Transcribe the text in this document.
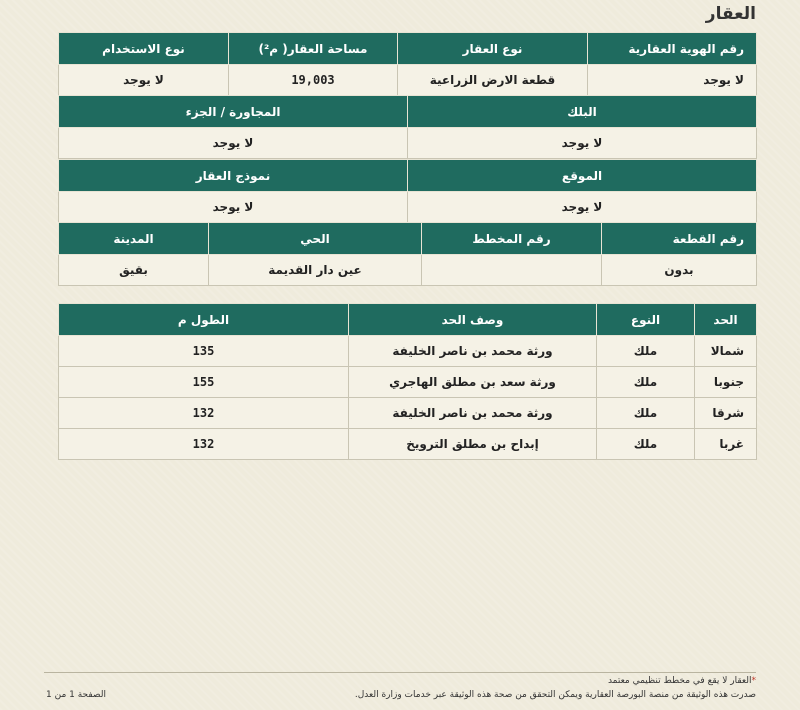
العقار
رقم الهوية العقارية	نوع العقار	مساحة العقار( م²)	نوع الاستخدام
لا يوجد	قطعة الارض الزراعية	19,003	لا يوجد
البلك	المجاورة / الجزء
لا يوجد	لا يوجد
الموقع	نموذج العقار
لا يوجد	لا يوجد
رقم القطعة	رقم المخطط	الحي	المدينة
بدون		عين دار القديمة	بقيق
الحد	النوع	وصف الحد	الطول م
شمالا	ملك	ورثة محمد بن ناصر الخليفة	135
جنوبا	ملك	ورثة سعد بن مطلق الهاجري	155
شرقا	ملك	ورثة محمد بن ناصر الخليفة	132
غربا	ملك	إبداح بن مطلق الترويخ	132
*العقار لا يقع في مخطط تنظيمي معتمد
صدرت هذه الوثيقة من منصة البورصة العقارية ويمكن التحقق من صحة هذه الوثيقة عبر خدمات وزارة العدل.
الصفحة 1 من 1
